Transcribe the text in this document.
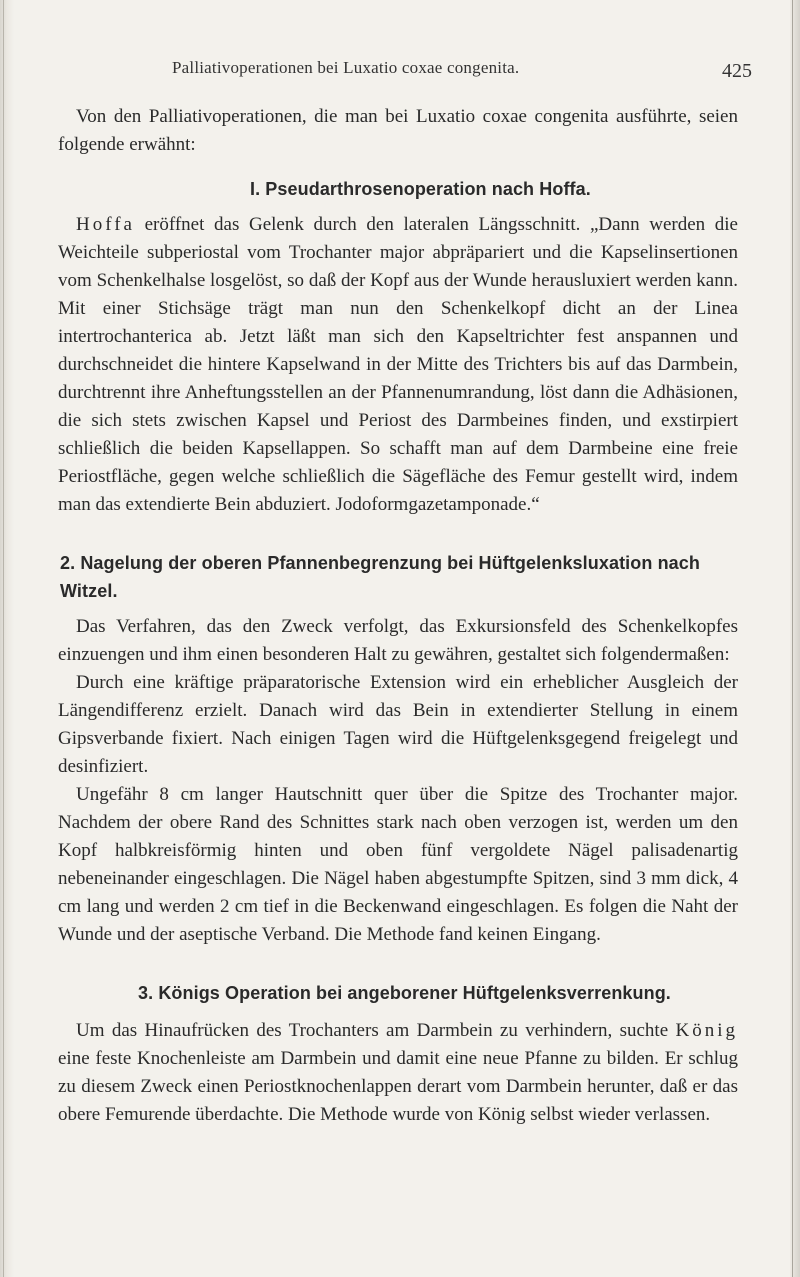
Palliativoperationen bei Luxatio coxae congenita.	425

Von den Palliativoperationen, die man bei Luxatio coxae congenita ausführte, seien folgende erwähnt:

I. Pseudarthrosenoperation nach Hoffa.

Hoffa eröffnet das Gelenk durch den lateralen Längsschnitt. „Dann werden die Weichteile subperiostal vom Trochanter major abpräpariert und die Kapselinsertionen vom Schenkelhalse losgelöst, so daß der Kopf aus der Wunde herausluxiert werden kann. Mit einer Stichsäge trägt man nun den Schenkelkopf dicht an der Linea intertrochanterica ab. Jetzt läßt man sich den Kapseltrichter fest anspannen und durchschneidet die hintere Kapselwand in der Mitte des Trichters bis auf das Darmbein, durchtrennt ihre Anheftungsstellen an der Pfannenumrandung, löst dann die Adhäsionen, die sich stets zwischen Kapsel und Periost des Darmbeines finden, und exstirpiert schließlich die beiden Kapsellappen. So schafft man auf dem Darmbeine eine freie Periostfläche, gegen welche schließlich die Sägefläche des Femur gestellt wird, indem man das extendierte Bein abduziert. Jodoformgazetamponade.“

2. Nagelung der oberen Pfannenbegrenzung bei Hüftgelenksluxation nach Witzel.

Das Verfahren, das den Zweck verfolgt, das Exkursionsfeld des Schenkelkopfes einzuengen und ihm einen besonderen Halt zu gewähren, gestaltet sich folgendermaßen:

Durch eine kräftige präparatorische Extension wird ein erheblicher Ausgleich der Längendifferenz erzielt. Danach wird das Bein in extendierter Stellung in einem Gipsverbande fixiert. Nach einigen Tagen wird die Hüftgelenksgegend freigelegt und desinfiziert.

Ungefähr 8 cm langer Hautschnitt quer über die Spitze des Trochanter major. Nachdem der obere Rand des Schnittes stark nach oben verzogen ist, werden um den Kopf halbkreisförmig hinten und oben fünf vergoldete Nägel palisadenartig nebeneinander eingeschlagen. Die Nägel haben abgestumpfte Spitzen, sind 3 mm dick, 4 cm lang und werden 2 cm tief in die Beckenwand eingeschlagen. Es folgen die Naht der Wunde und der aseptische Verband. Die Methode fand keinen Eingang.

3. Königs Operation bei angeborener Hüftgelenksverrenkung.

Um das Hinaufrücken des Trochanters am Darmbein zu verhindern, suchte König eine feste Knochenleiste am Darmbein und damit eine neue Pfanne zu bilden. Er schlug zu diesem Zweck einen Periostknochenlappen derart vom Darmbein herunter, daß er das obere Femurende überdachte. Die Methode wurde von König selbst wieder verlassen.
